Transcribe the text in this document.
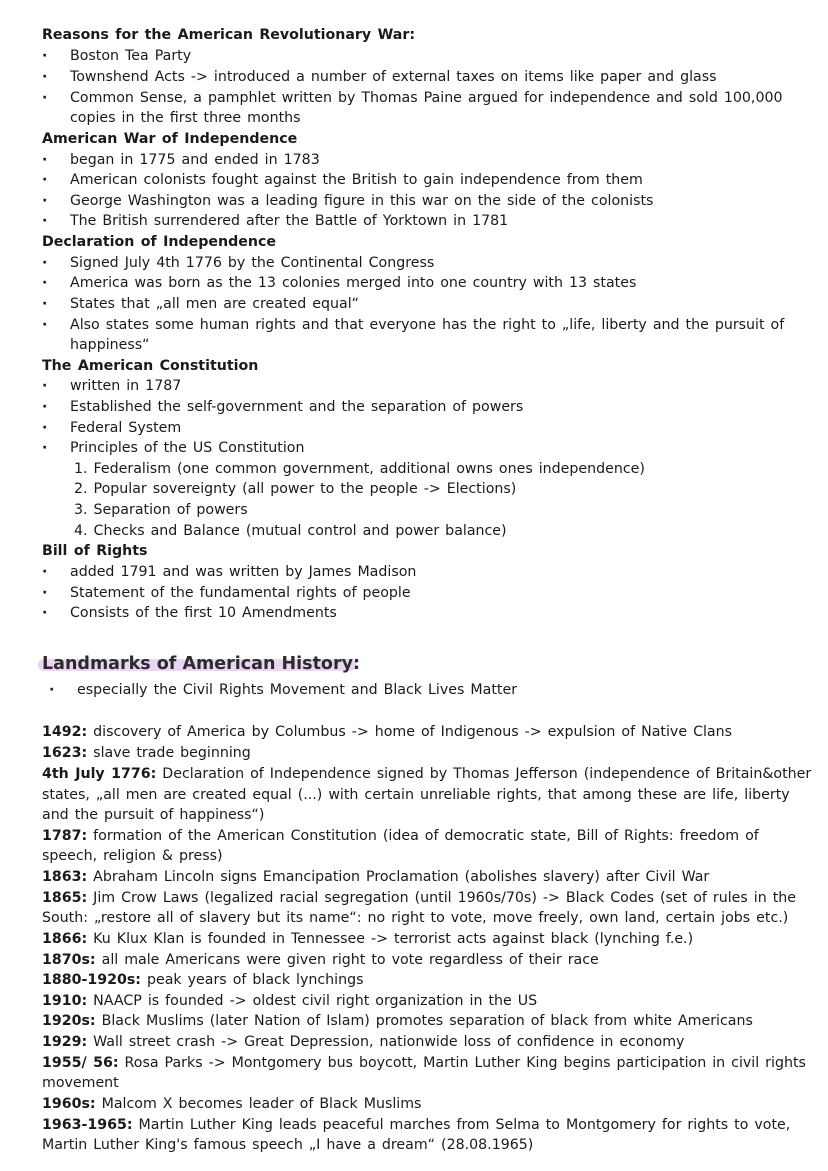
Reasons for the American Revolutionary War:
· Boston Tea Party
· Townshend Acts -> introduced a number of external taxes on items like paper and glass
· Common Sense, a pamphlet written by Thomas Paine argued for independence and sold 100,000
copies in the first three months
American War of Independence
· began in 1775 and ended in 1783
· American colonists fought against the British to gain independence from them
· George Washington was a leading figure in this war on the side of the colonists
· The British surrendered after the Battle of Yorktown in 1781
Declaration of Independence
· Signed July 4th 1776 by the Continental Congress
· America was born as the 13 colonies merged into one country with 13 states
· States that „all men are created equal“
· Also states some human rights and that everyone has the right to „life, liberty and the pursuit of
happiness“
The American Constitution
· written in 1787
· Established the self-government and the separation of powers
· Federal System
· Principles of the US Constitution
1. Federalism (one common government, additional owns ones independence)
2. Popular sovereignty (all power to the people -> Elections)
3. Separation of powers
4. Checks and Balance (mutual control and power balance)
Bill of Rights
· added 1791 and was written by James Madison
· Statement of the fundamental rights of people
· Consists of the first 10 Amendments
Landmarks of American History:
· especially the Civil Rights Movement and Black Lives Matter
1492: discovery of America by Columbus -> home of Indigenous -> expulsion of Native Clans
1623: slave trade beginning
4th July 1776: Declaration of Independence signed by Thomas Jefferson (independence of Britain&other
states, „all men are created equal (...) with certain unreliable rights, that among these are life, liberty
and the pursuit of happiness“)
1787: formation of the American Constitution (idea of democratic state, Bill of Rights: freedom of
speech, religion & press)
1863: Abraham Lincoln signs Emancipation Proclamation (abolishes slavery) after Civil War
1865: Jim Crow Laws (legalized racial segregation (until 1960s/70s) -> Black Codes (set of rules in the
South: „restore all of slavery but its name“: no right to vote, move freely, own land, certain jobs etc.)
1866: Ku Klux Klan is founded in Tennessee -> terrorist acts against black (lynching f.e.)
1870s: all male Americans were given right to vote regardless of their race
1880-1920s: peak years of black lynchings
1910: NAACP is founded -> oldest civil right organization in the US
1920s: Black Muslims (later Nation of Islam) promotes separation of black from white Americans
1929: Wall street crash -> Great Depression, nationwide loss of confidence in economy
1955/ 56: Rosa Parks -> Montgomery bus boycott, Martin Luther King begins participation in civil rights
movement
1960s: Malcom X becomes leader of Black Muslims
1963-1965: Martin Luther King leads peaceful marches from Selma to Montgomery for rights to vote,
Martin Luther King's famous speech „I have a dream“ (28.08.1965)
